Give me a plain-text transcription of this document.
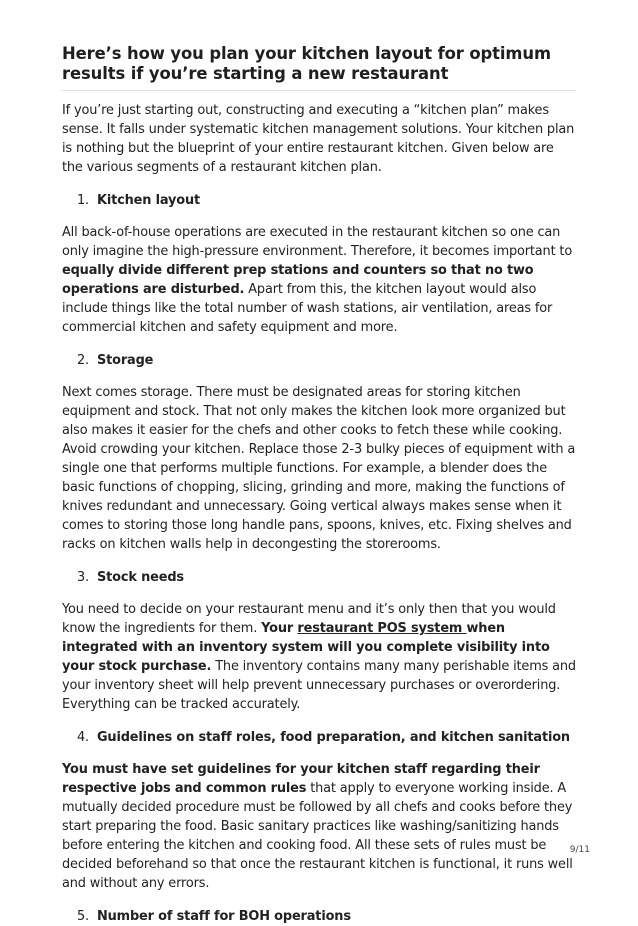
Here’s how you plan your kitchen layout for optimum results if you’re starting a new restaurant

If you’re just starting out, constructing and executing a “kitchen plan” makes sense. It falls under systematic kitchen management solutions. Your kitchen plan is nothing but the blueprint of your entire restaurant kitchen. Given below are the various segments of a restaurant kitchen plan.

1. Kitchen layout

All back-of-house operations are executed in the restaurant kitchen so one can only imagine the high-pressure environment. Therefore, it becomes important to equally divide different prep stations and counters so that no two operations are disturbed. Apart from this, the kitchen layout would also include things like the total number of wash stations, air ventilation, areas for commercial kitchen and safety equipment and more.

2. Storage

Next comes storage. There must be designated areas for storing kitchen equipment and stock. That not only makes the kitchen look more organized but also makes it easier for the chefs and other cooks to fetch these while cooking. Avoid crowding your kitchen. Replace those 2-3 bulky pieces of equipment with a single one that performs multiple functions. For example, a blender does the basic functions of chopping, slicing, grinding and more, making the functions of knives redundant and unnecessary. Going vertical always makes sense when it comes to storing those long handle pans, spoons, knives, etc. Fixing shelves and racks on kitchen walls help in decongesting the storerooms.

3. Stock needs

You need to decide on your restaurant menu and it’s only then that you would know the ingredients for them. Your restaurant POS system when integrated with an inventory system will you complete visibility into your stock purchase. The inventory contains many many perishable items and your inventory sheet will help prevent unnecessary purchases or overordering. Everything can be tracked accurately.

4. Guidelines on staff roles, food preparation, and kitchen sanitation

You must have set guidelines for your kitchen staff regarding their respective jobs and common rules that apply to everyone working inside. A mutually decided procedure must be followed by all chefs and cooks before they start preparing the food. Basic sanitary practices like washing/sanitizing hands before entering the kitchen and cooking food. All these sets of rules must be decided beforehand so that once the restaurant kitchen is functional, it runs well and without any errors.

5. Number of staff for BOH operations
9/11
